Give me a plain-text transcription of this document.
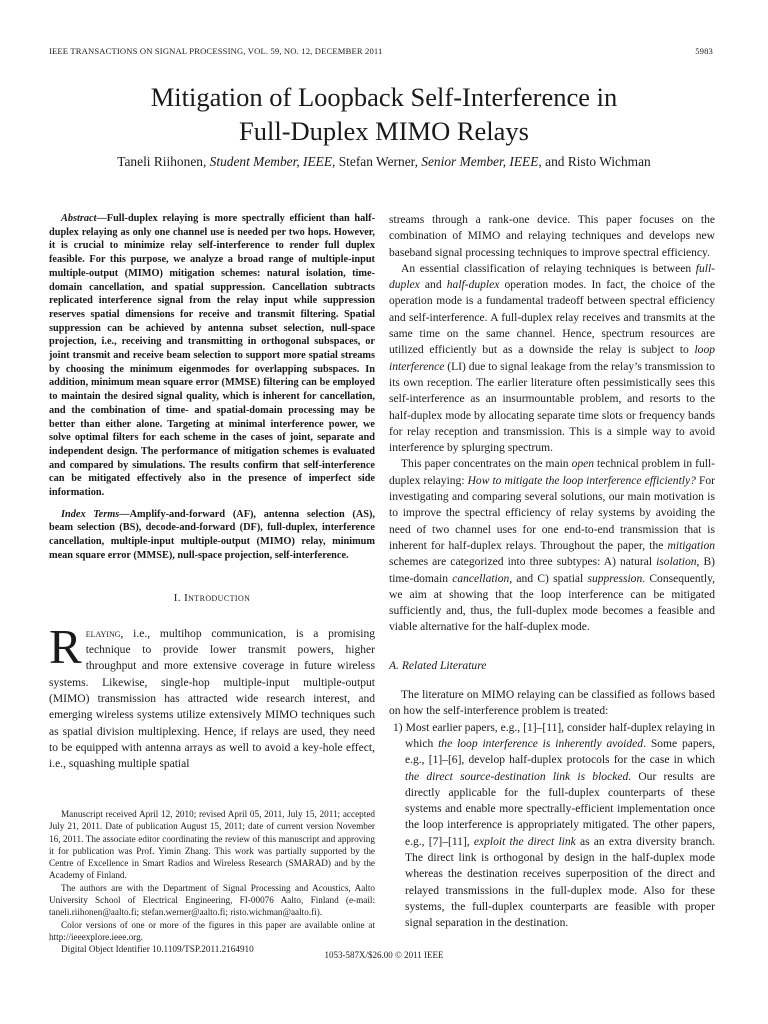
IEEE TRANSACTIONS ON SIGNAL PROCESSING, VOL. 59, NO. 12, DECEMBER 2011	5983
Mitigation of Loopback Self-Interference in
Full-Duplex MIMO Relays
Taneli Riihonen, Student Member, IEEE, Stefan Werner, Senior Member, IEEE, and Risto Wichman

Abstract—Full-duplex relaying is more spectrally efficient than half-duplex relaying as only one channel use is needed per two hops. However, it is crucial to minimize relay self-interference to render full duplex feasible. For this purpose, we analyze a broad range of multiple-input multiple-output (MIMO) mitigation schemes: natural isolation, time-domain cancellation, and spatial suppression. Cancellation subtracts replicated interference signal from the relay input while suppression reserves spatial dimensions for receive and transmit filtering. Spatial suppression can be achieved by antenna subset selection, null-space projection, i.e., receiving and transmitting in orthogonal subspaces, or joint transmit and receive beam selection to support more spatial streams by choosing the minimum eigenmodes for overlapping subspaces. In addition, minimum mean square error (MMSE) filtering can be employed to maintain the desired signal quality, which is inherent for cancellation, and the combination of time- and spatial-domain processing may be better than either alone. Targeting at minimal interference power, we solve optimal filters for each scheme in the cases of joint, separate and independent design. The performance of mitigation schemes is evaluated and compared by simulations. The results confirm that self-interference can be mitigated effectively also in the presence of imperfect side information.

Index Terms—Amplify-and-forward (AF), antenna selection (AS), beam selection (BS), decode-and-forward (DF), full-duplex, interference cancellation, multiple-input multiple-output (MIMO) relay, minimum mean square error (MMSE), null-space projection, self-interference.

I. Introduction

Relaying, i.e., multihop communication, is a promising technique to provide lower transmit powers, higher throughput and more extensive coverage in future wireless systems. Likewise, single-hop multiple-input multiple-output (MIMO) transmission has attracted wide research interest, and emerging wireless systems utilize extensively MIMO techniques such as spatial division multiplexing. Hence, if relays are used, they need to be equipped with antenna arrays as well to avoid a key-hole effect, i.e., squashing multiple spatial

Manuscript received April 12, 2010; revised April 05, 2011, July 15, 2011; accepted July 21, 2011. Date of publication August 15, 2011; date of current version November 16, 2011. The associate editor coordinating the review of this manuscript and approving it for publication was Prof. Yimin Zhang. This work was partially supported by the Centre of Excellence in Smart Radios and Wireless Research (SMARAD) and by the Academy of Finland.

The authors are with the Department of Signal Processing and Acoustics, Aalto University School of Electrical Engineering, FI-00076 Aalto, Finland (e-mail: taneli.riihonen@aalto.fi; stefan.werner@aalto.fi; risto.wichman@aalto.fi).

Color versions of one or more of the figures in this paper are available online at http://ieeexplore.ieee.org.

Digital Object Identifier 10.1109/TSP.2011.2164910

streams through a rank-one device. This paper focuses on the combination of MIMO and relaying techniques and develops new baseband signal processing techniques to improve spectral efficiency.

An essential classification of relaying techniques is between full-duplex and half-duplex operation modes. In fact, the choice of the operation mode is a fundamental tradeoff between spectral efficiency and self-interference. A full-duplex relay receives and transmits at the same time on the same channel. Hence, spectrum resources are utilized efficiently but as a downside the relay is subject to loop interference (LI) due to signal leakage from the relay’s transmission to its own reception. The earlier literature often pessimistically sees this self-interference as an insurmountable problem, and resorts to the half-duplex mode by allocating separate time slots or frequency bands for relay reception and transmission. This is a simple way to avoid interference by splurging spectrum.

This paper concentrates on the main open technical problem in full-duplex relaying: How to mitigate the loop interference efficiently? For investigating and comparing several solutions, our main motivation is to improve the spectral efficiency of relay systems by avoiding the need of two channel uses for one end-to-end transmission that is inherent for half-duplex relays. Throughout the paper, the mitigation schemes are categorized into three subtypes: A) natural isolation, B) time-domain cancellation, and C) spatial suppression. Consequently, we aim at showing that the loop interference can be mitigated sufficiently and, thus, the full-duplex mode becomes a feasible and viable alternative for the half-duplex mode.

A. Related Literature

The literature on MIMO relaying can be classified as follows based on how the self-interference problem is treated:

1) Most earlier papers, e.g., [1]–[11], consider half-duplex relaying in which the loop interference is inherently avoided. Some papers, e.g., [1]–[6], develop half-duplex protocols for the case in which the direct source-destination link is blocked. Our results are directly applicable for the full-duplex counterparts of these systems and enable more spectrally-efficient implementation once the loop interference is appropriately mitigated. The other papers, e.g., [7]–[11], exploit the direct link as an extra diversity branch. The direct link is orthogonal by design in the half-duplex mode whereas the destination receives superposition of the direct and relayed transmissions in the full-duplex mode. Also for these systems, the full-duplex counterparts are feasible with proper signal separation in the destination.

1053-587X/$26.00 © 2011 IEEE
